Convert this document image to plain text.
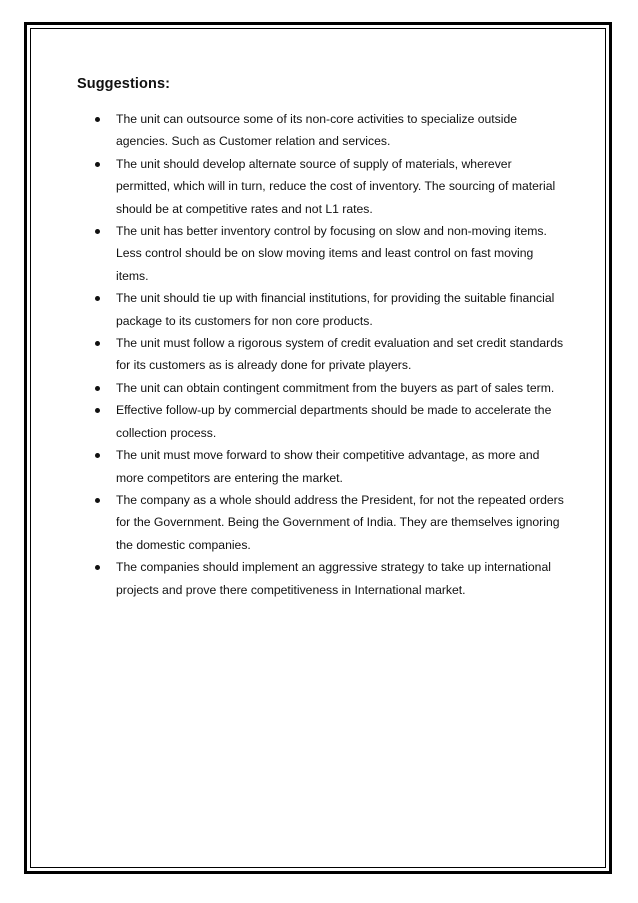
Suggestions:
The unit can outsource some of its non-core activities to specialize outside agencies. Such as Customer relation and services.
The unit should develop alternate source of supply of materials, wherever permitted, which will in turn, reduce the cost of inventory. The sourcing of material should be at competitive rates and not L1 rates.
The unit has better inventory control by focusing on slow and non-moving items. Less control should be on slow moving items and least control on fast moving items.
The unit should tie up with financial institutions, for providing the suitable financial package to its customers for non core products.
The unit must follow a rigorous system of credit evaluation and set credit standards for its customers as is already done for private players.
The unit can obtain contingent commitment from the buyers as part of sales term.
Effective follow-up by commercial departments should be made to accelerate the collection process.
The unit must move forward to show their competitive advantage, as more and more competitors are entering the market.
The company as a whole should address the President, for not the repeated orders for the Government. Being the Government of India. They are themselves ignoring the domestic companies.
The companies should implement an aggressive strategy to take up international projects and prove there competitiveness in International market.
